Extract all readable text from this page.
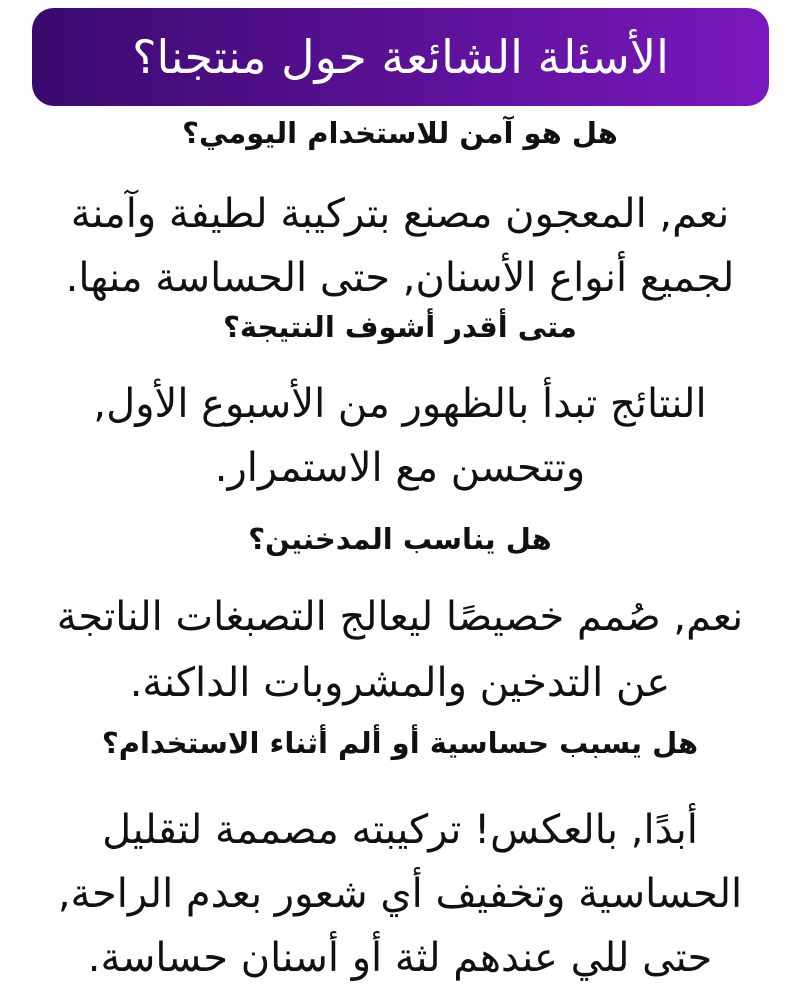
الأسئلة الشائعة حول منتجنا؟
هل هو آمن للاستخدام اليومي؟
نعم, المعجون مصنع بتركيبة لطيفة وآمنة
لجميع أنواع الأسنان, حتى الحساسة منها.
متى أقدر أشوف النتيجة؟
النتائج تبدأ بالظهور من الأسبوع الأول,
وتتحسن مع الاستمرار.
هل يناسب المدخنين؟
نعم, صُمم خصيصًا ليعالج التصبغات الناتجة
عن التدخين والمشروبات الداكنة.
هل يسبب حساسية أو ألم أثناء الاستخدام؟
أبدًا, بالعكس! تركيبته مصممة لتقليل
الحساسية وتخفيف أي شعور بعدم الراحة,
حتى للي عندهم لثة أو أسنان حساسة.
